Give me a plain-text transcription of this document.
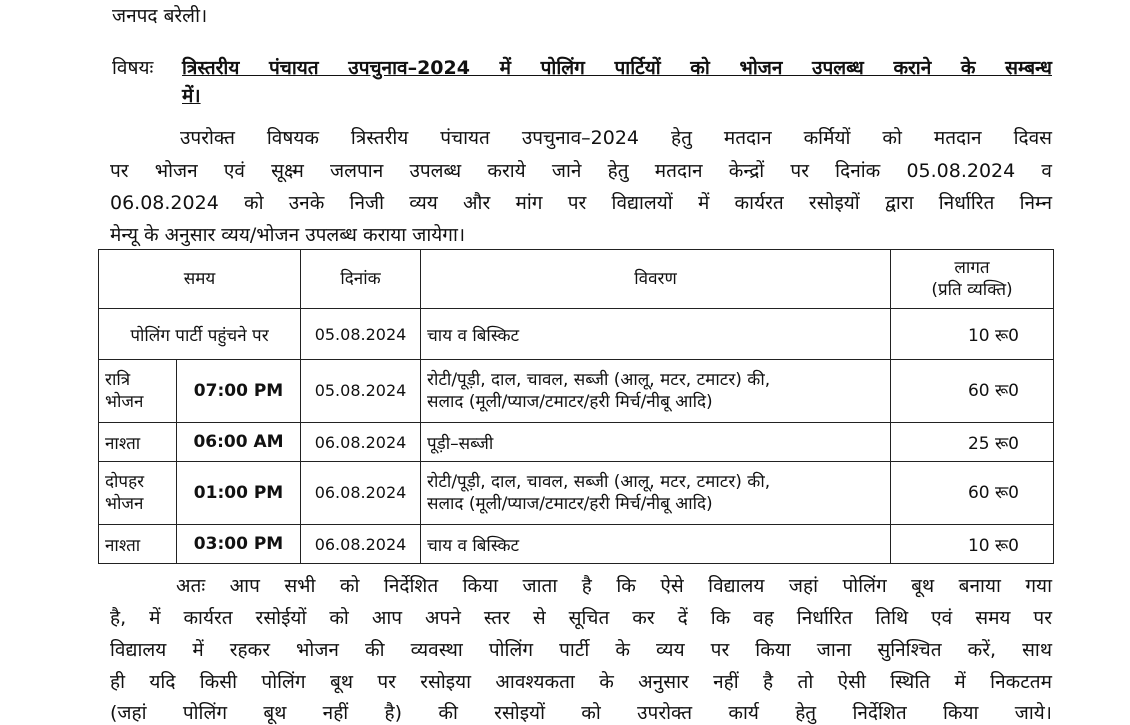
जनपद बरेली।
विषयः त्रिस्तरीय पंचायत उपचुनाव–2024 में पोलिंग पार्टियों को भोजन उपलब्ध कराने के सम्बन्ध
में।
उपरोक्त विषयक त्रिस्तरीय पंचायत उपचुनाव–2024 हेतु मतदान कर्मियों को मतदान दिवस
पर भोजन एवं सूक्ष्म जलपान उपलब्ध कराये जाने हेतु मतदान केन्द्रों पर दिनांक 05.08.2024 व
06.08.2024 को उनके निजी व्यय और मांग पर विद्यालयों में कार्यरत रसोइयों द्वारा निर्धारित निम्न
मेन्यू के अनुसार व्यय/भोजन उपलब्ध कराया जायेगा।
समय		दिनांक	विवरण	लागत
(प्रति व्यक्ति)

पोलिंग पार्टी पहुंचने पर		05.08.2024	चाय व बिस्किट	10 रू0
रात्रि भोजन	07:00 PM	05.08.2024	रोटी/पूड़ी, दाल, चावल, सब्जी (आलू, मटर, टमाटर) की,
सलाद (मूली/प्याज/टमाटर/हरी मिर्च/नीबू आदि)	60 रू0
नाश्ता	06:00 AM	06.08.2024	पूड़ी–सब्जी	25 रू0
दोपहर भोजन	01:00 PM	06.08.2024	रोटी/पूड़ी, दाल, चावल, सब्जी (आलू, मटर, टमाटर) की,
सलाद (मूली/प्याज/टमाटर/हरी मिर्च/नीबू आदि)	60 रू0
नाश्ता	03:00 PM	06.08.2024	चाय व बिस्किट	10 रू0
अतः आप सभी को निर्देशित किया जाता है कि ऐसे विद्यालय जहां पोलिंग बूथ बनाया गया
है, में कार्यरत रसोईयों को आप अपने स्तर से सूचित कर दें कि वह निर्धारित तिथि एवं समय पर
विद्यालय में रहकर भोजन की व्यवस्था पोलिंग पार्टी के व्यय पर किया जाना सुनिश्चित करें, साथ
ही यदि किसी पोलिंग बूथ पर रसोइया आवश्यकता के अनुसार नहीं है तो ऐसी स्थिति में निकटतम
(जहां पोलिंग बूथ नहीं है) की रसोइयों को उपरोक्त कार्य हेतु निर्देशित किया जाये।
